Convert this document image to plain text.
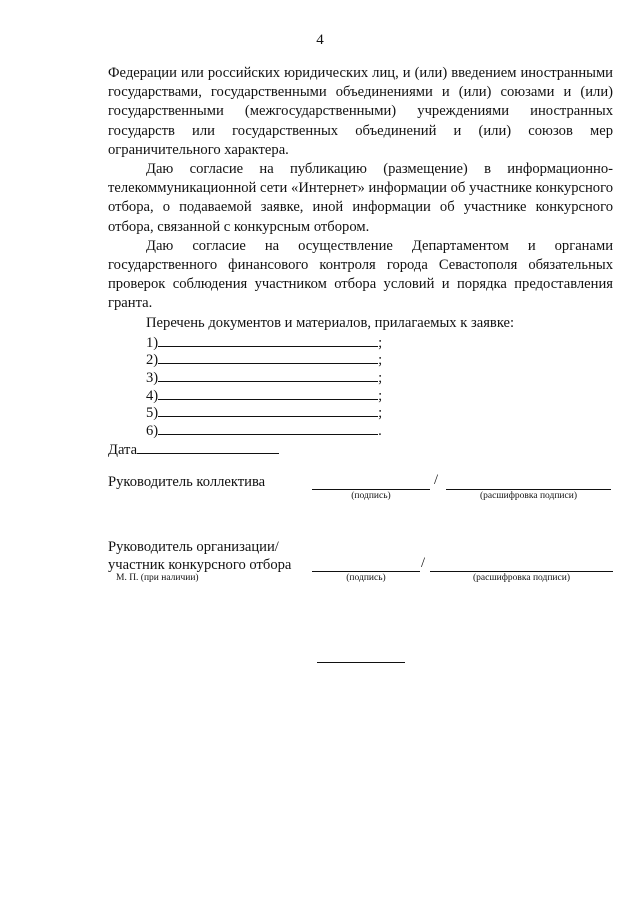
4

Федерации или российских юридических лиц, и (или) введением иностранными государствами, государственными объединениями и (или) союзами и (или) государственными (межгосударственными) учреждениями иностранных государств или государственных объединений и (или) союзов мер ограничительного характера.

Даю согласие на публикацию (размещение) в информационно-телекоммуникационной сети «Интернет» информации об участнике конкурсного отбора, о подаваемой заявке, иной информации об участнике конкурсного отбора, связанной с конкурсным отбором.

Даю согласие на осуществление Департаментом и органами государственного финансового контроля города Севастополя обязательных проверок соблюдения участником отбора условий и порядка предоставления гранта.

Перечень документов и материалов, прилагаемых к заявке:

1)	;
2)	;
3)	;
4)	;
5)	;
6)	.
Дата
Руководитель коллектива	/
(подпись)	(расшифровка подписи)
Руководитель организации/
участник конкурсного отбора
М. П. (при наличии)
/
(подпись)	(расшифровка подписи)
